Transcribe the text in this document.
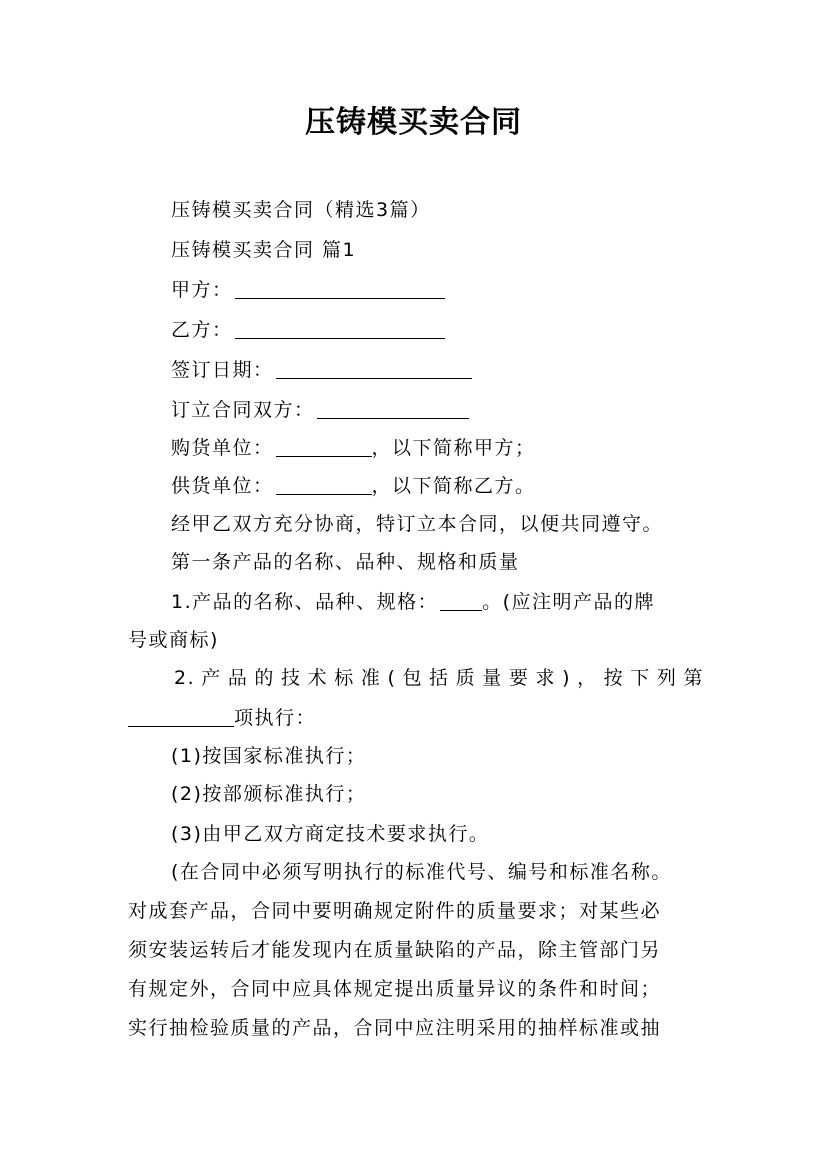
压铸模买卖合同
压铸模买卖合同（精选3篇）
压铸模买卖合同 篇1
甲方：
乙方：
签订日期：
订立合同双方：
购货单位：	，以下简称甲方；
供货单位：	，以下简称乙方。
经甲乙双方充分协商，特订立本合同，以便共同遵守。
第一条产品的名称、品种、规格和质量
1.产品的名称、品种、规格： 。(应注明产品的牌
号或商标)
2.产品的技术标准(包括质量要求)，按下列第
项执行：
(1)按国家标准执行；
(2)按部颁标准执行；
(3)由甲乙双方商定技术要求执行。
(在合同中必须写明执行的标准代号、编号和标准名称。
对成套产品，合同中要明确规定附件的质量要求；对某些必
须安装运转后才能发现内在质量缺陷的产品，除主管部门另
有规定外，合同中应具体规定提出质量异议的条件和时间；
实行抽检验质量的产品，合同中应注明采用的抽样标准或抽
